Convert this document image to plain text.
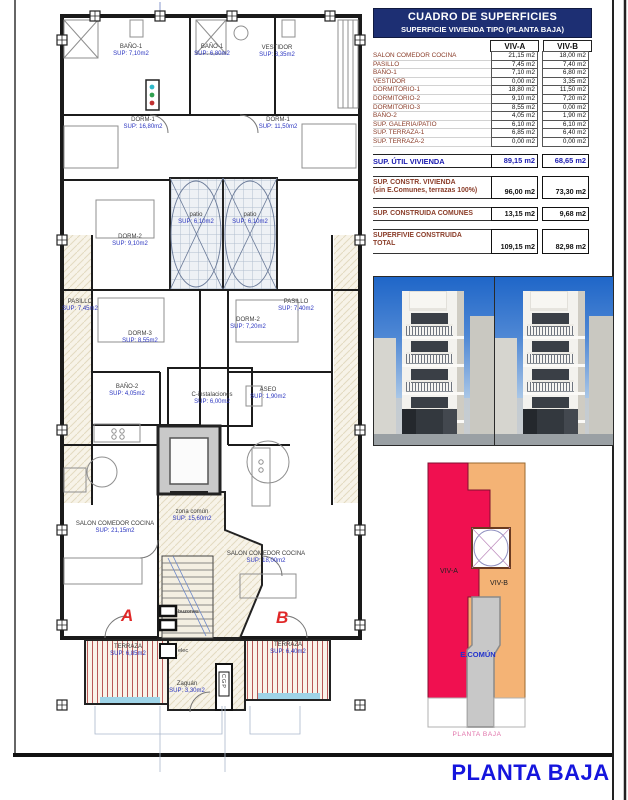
CUADRO DE SUPERFICIES
SUPERFICIE VIVIENDA TIPO (PLANTA BAJA)
VIV-A	VIV-B
SALON COMEDOR COCINA	21,15 m2	18,00 m2
PASILLO	7,45 m2	7,40 m2
BAÑO-1	7,10 m2	6,80 m2
VESTIDOR	0,00 m2	3,35 m2
DORMITORIO-1	18,80 m2	11,50 m2
DORMITORIO-2	9,10 m2	7,20 m2
DORMITORIO-3	8,55 m2	0,00 m2
BAÑO-2	4,05 m2	1,90 m2
SUP. GALERIA/PATIO	6,10 m2	6,10 m2
SUP. TERRAZA-1	6,85 m2	6,40 m2
SUP. TERRAZA-2	0,00 m2	0,00 m2
SUP. ÚTIL VIVIENDA	89,15 m2	68,65 m2
SUP. CONSTR. VIVIENDA
(sin E.Comunes, terrazas 100%)	96,00 m2	73,30 m2
SUP. CONSTRUIDA COMUNES	13,15 m2	9,68 m2
SUPERFIVIE CONSTRUIDA
TOTAL	109,15 m2	82,98 m2
BAÑO-1
SUP: 7,10m2
BAÑO-1
SUP: 6,80m2
VESTIDOR
SUP: 3,35m2
DORM-1
SUP: 16,80m2
DORM-1
SUP: 11,50m2
DORM-2
SUP: 9,10m2
patio
SUP: 6,10m2
patio
SUP: 6,10m2
PASILLO
SUP: 7,45m2
PASILLO
SUP: 7,40m2
DORM-3
SUP: 8,55m2
DORM-2
SUP: 7,20m2
BAÑO-2
SUP: 4,05m2	C-instalaciones
SUP: 6,00m2
ASEO
SUP: 1,90m2
zona común
SUP: 15,60m2
SALON COMEDOR COCINA
SUP: 21,15m2
SALON COMEDOR COCINA
SUP: 18,00m2
TERRAZA
SUP: 6,85m2
TERRAZA
SUP: 6,40m2
Zaguán
SUP: 3,30m2
A	B
buzones
elec
CGP
VIV-A
VIV-B
E.COMÚN
PLANTA BAJA
PLANTA BAJA
